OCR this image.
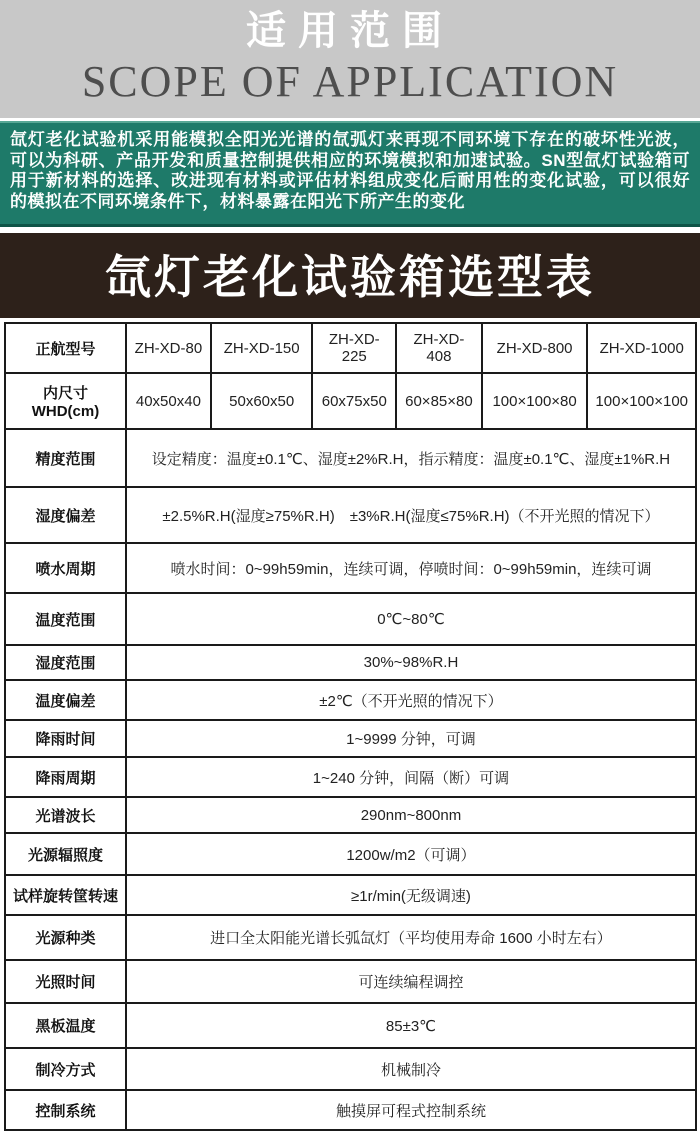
适用范围
SCOPE OF APPLICATION

氙灯老化试验机采用能模拟全阳光光谱的氙弧灯来再现不同环境下存在的破坏性光波，可以为科研、产品开发和质量控制提供相应的环境模拟和加速试验。SN型氙灯试验箱可用于新材料的选择、改进现有材料或评估材料组成变化后耐用性的变化试验，可以很好的模拟在不同环境条件下，材料暴露在阳光下所产生的变化

氙灯老化试验箱选型表
正航型号	ZH-XD-80	ZH-XD-150	ZH-XD-225	ZH-XD-408	ZH-XD-800	ZH-XD-1000
内尺寸 WHD(cm)	40x50x40	50x60x50	60x75x50	60×85×80	100×100×80	100×100×100
精度范围	设定精度：温度±0.1℃、湿度±2%R.H，指示精度：温度±0.1℃、湿度±1%R.H					
湿度偏差	±2.5%R.H(湿度≥75%R.H)　±3%R.H(湿度≤75%R.H)（不开光照的情况下）					
喷水周期	喷水时间：0~99h59min，连续可调，停喷时间：0~99h59min，连续可调					
温度范围	0℃~80℃					
湿度范围	30%~98%R.H					
温度偏差	±2℃（不开光照的情况下）					
降雨时间	1~9999 分钟，可调					
降雨周期	1~240 分钟，间隔（断）可调					
光谱波长	290nm~800nm					
光源辐照度	1200w/m2（可调）					
试样旋转筐转速	≥1r/min(无级调速)					
光源种类	进口全太阳能光谱长弧氙灯（平均使用寿命 1600 小时左右）					
光照时间	可连续编程调控					
黑板温度	85±3℃					
制冷方式	机械制冷					
控制系统	触摸屏可程式控制系统					
